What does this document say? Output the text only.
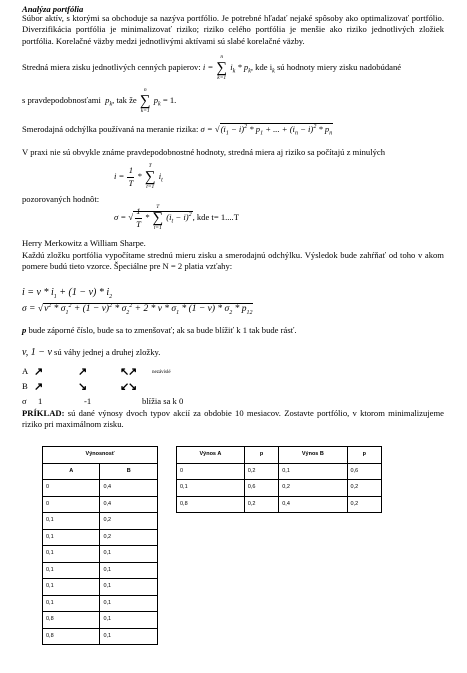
Analýza portfólia
Súbor aktív, s ktorými sa obchoduje sa nazýva portfólio. Je potrebné hľadať nejaké spôsoby ako optimalizovať portfólio. Diverzifikácia portfólia je minimalizovať riziko; riziko celého portfólia je menšie ako riziko jednotlivých zložiek portfólia. Korelačné väzby medzi jednotlivými aktívami sú slabé korelačné väzby.
Stredná miera zisku jednotlivých cenných papierov: i =
n
∑
k=1
$i_k * p_k$, kde $i_k$ sú hodnoty miery zisku nadobúdané
s pravdepodobnosťami  $p_k$, tak že
n
∑
k=1
$p_k = 1$.
Smerodajná odchýlka používaná na meranie rizika: $\sigma = √(i_1 - i)^2 * p_1$ + ... + $(i_n - i)^2 * p_n$
V praxi nie sú obvykle známe pravdepodobnostné hodnoty, stredná miera aj riziko sa počítajú z minulých
$i = \frac{1}{T}$ *
T
∑
t=1
$i_t$
pozorovaných hodnôt:
σ = √ $\frac{1}{T}$ *
T
∑
t=1
$(i_t - i)^2$, kde t= 1....T
Herry Merkowitz a William Sharpe.
Každú zložku portfólia vypočítame strednú mieru zisku a smerodajnú odchýlku. Výsledok bude zahŕňať od toho v akom pomere budú tieto vzorce. Špeciálne pre N = 2 platia vzťahy:
$i = v * i_1 + (1 - v) * i_2$
$\sigma = √v^2 * \sigma_1^2 + (1 - v)^2 * \sigma_2^2 + 2 * v * \sigma_1 * (1 - v) * \sigma_2 * p_{12}$
p bude záporné číslo, bude sa to zmenšovať; ak sa bude blížiť k 1 tak bude rásť.
v, 1 − v sú váhy jednej a druhej zložky.
A ↗	↗	↖
↗	nezávislé
B ↗	↘	↙
↘
σ 1	-1	blížia sa k 0
PRÍKLAD: sú dané výnosy dvoch typov akcií za obdobie 10 mesiacov. Zostavte portfólio, v ktorom minimalizujeme riziko pri maximálnom zisku.
Výnosnosť	
A	B
0	0,4
0	0,4
0,1	0,2
0,1	0,2
0,1	0,1
0,1	0,1
0,1	0,1
0,1	0,1
0,8	0,1
0,8	0,1
Výnos A	p	Výnos B	p
0	0,2	0,1	0,6
0,1	0,6	0,2	0,2
0,8	0,2	0,4	0,2
